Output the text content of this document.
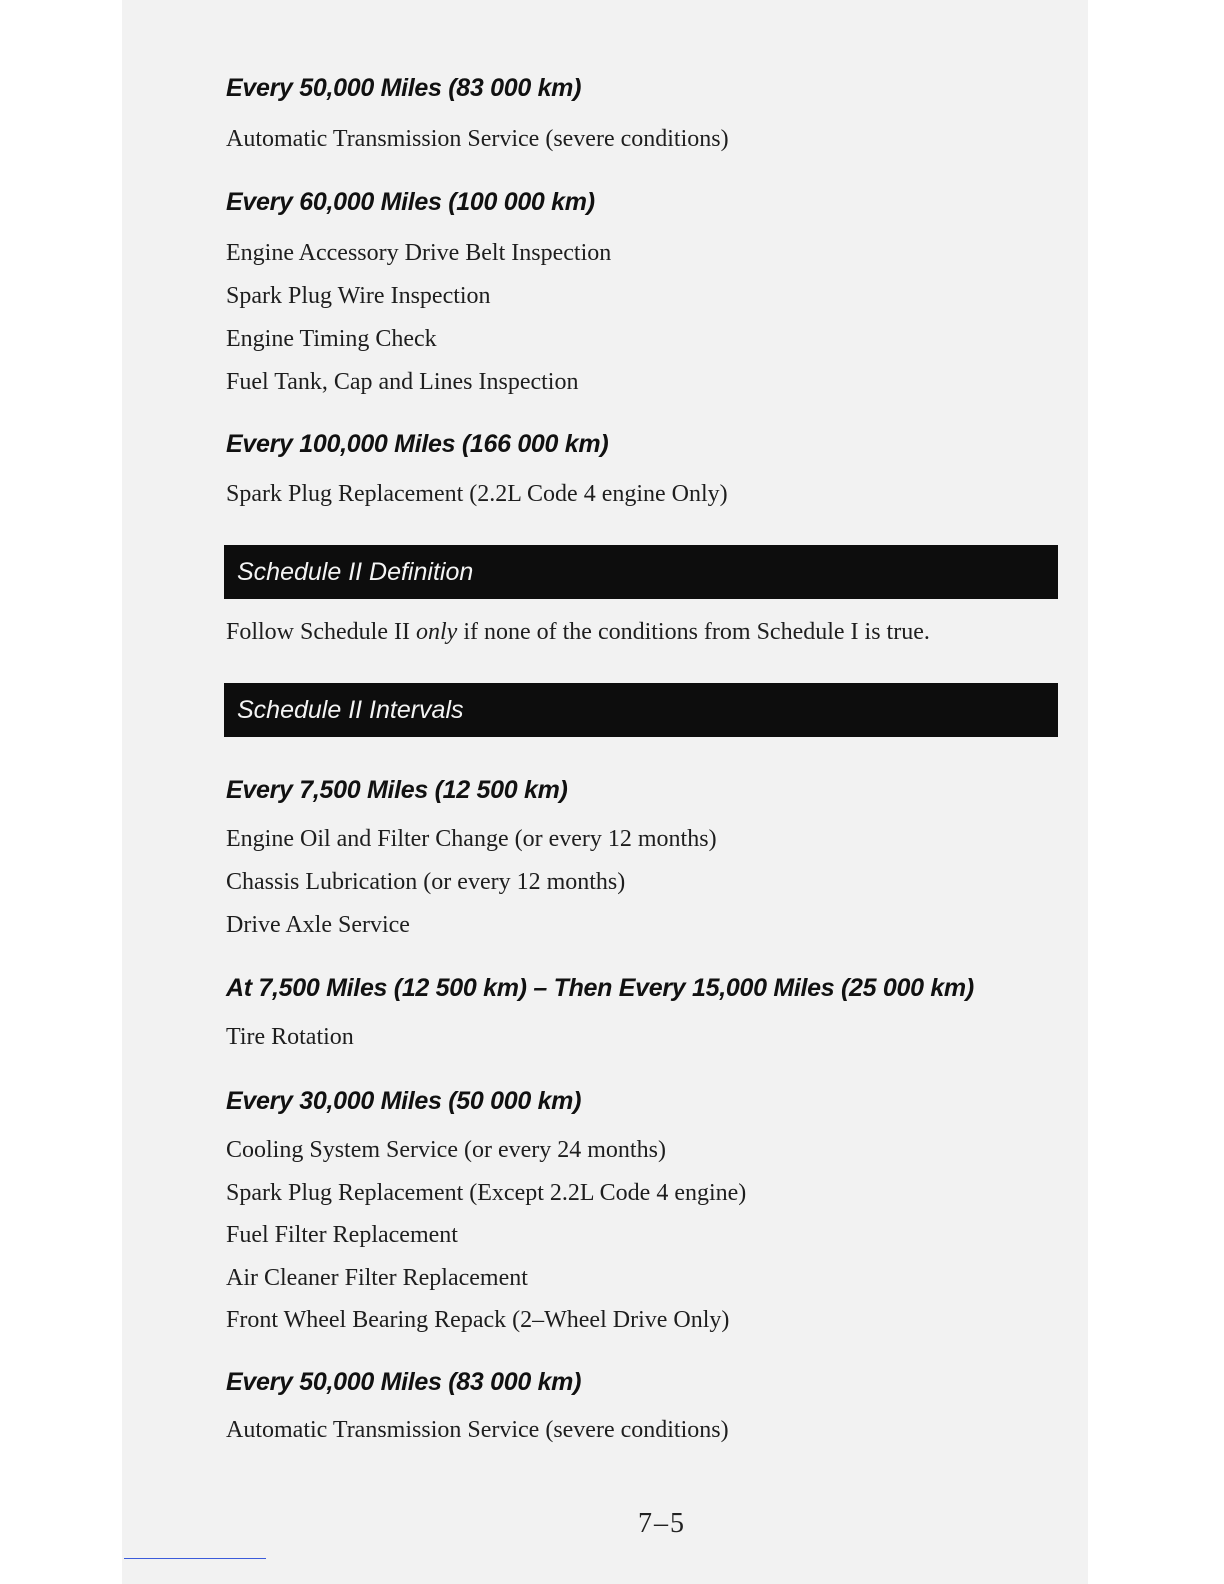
Every 50,000 Miles (83 000 km)
Automatic Transmission Service (severe conditions)
Every 60,000 Miles (100 000 km)
Engine Accessory Drive Belt Inspection
Spark Plug Wire Inspection
Engine Timing Check
Fuel Tank, Cap and Lines Inspection
Every 100,000 Miles (166 000 km)
Spark Plug Replacement (2.2L Code 4 engine Only)
Schedule II Definition
Follow Schedule II only if none of the conditions from Schedule I is true.
Schedule II Intervals
Every 7,500 Miles (12 500 km)
Engine Oil and Filter Change (or every 12 months)
Chassis Lubrication (or every 12 months)
Drive Axle Service
At 7,500 Miles (12 500 km) – Then Every 15,000 Miles (25 000 km)
Tire Rotation
Every 30,000 Miles (50 000 km)
Cooling System Service (or every 24 months)
Spark Plug Replacement (Except 2.2L Code 4 engine)
Fuel Filter Replacement
Air Cleaner Filter Replacement
Front Wheel Bearing Repack (2–Wheel Drive Only)
Every 50,000 Miles (83 000 km)
Automatic Transmission Service (severe conditions)
7–5
